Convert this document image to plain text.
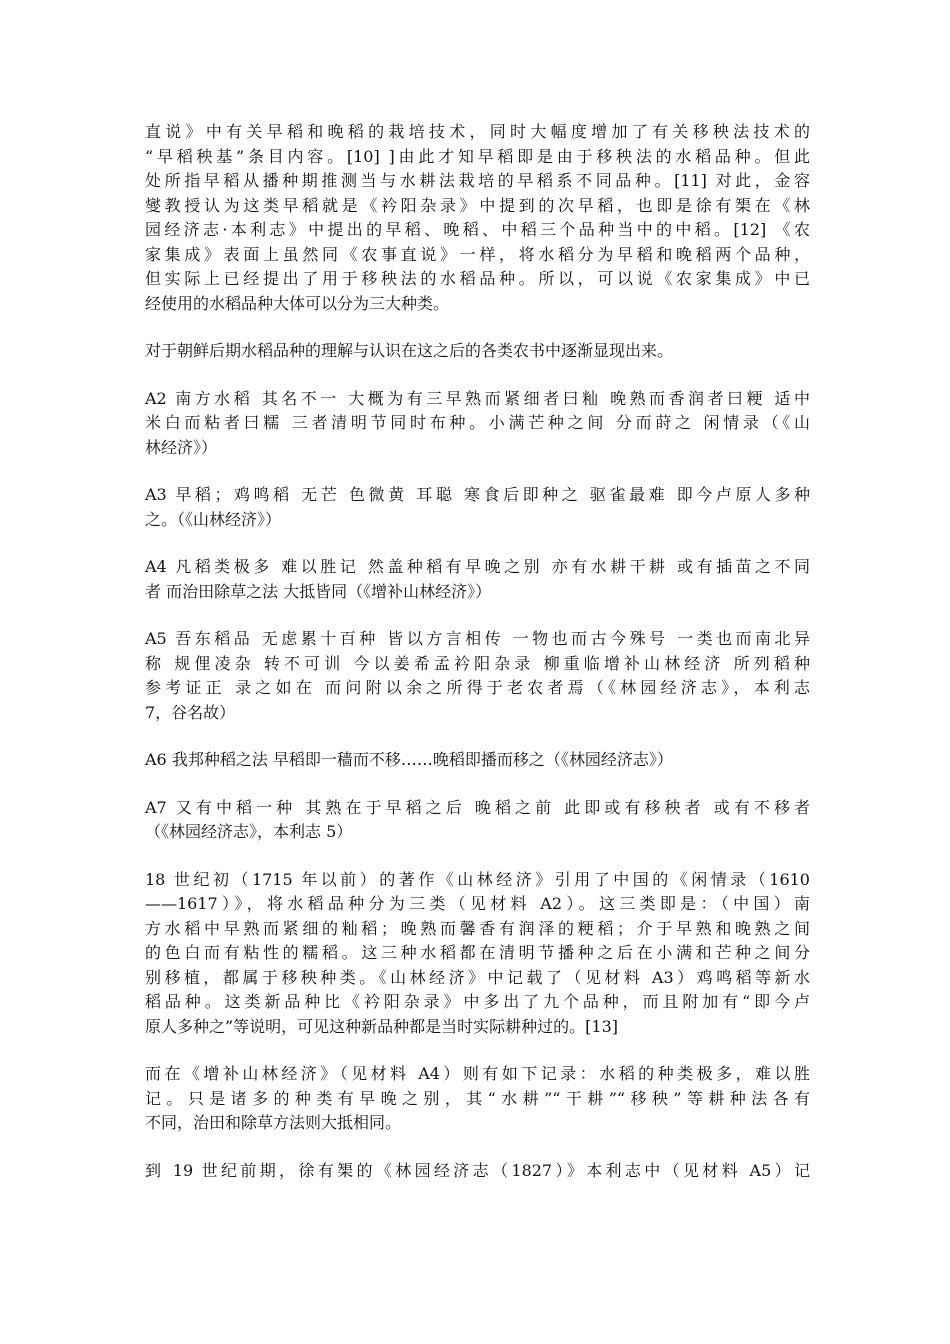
直说》中有关早稻和晚稻的栽培技术，同时大幅度增加了有关移秧法技术的
“早稻秧基”条目内容。[10] ]由此才知早稻即是由于移秧法的水稻品种。但此
处所指早稻从播种期推测当与水耕法栽培的早稻系不同品种。[11] 对此，金容
燮教授认为这类早稻就是《衿阳杂录》中提到的次早稻，也即是徐有榘在《林
园经济志·本利志》中提出的早稻、晚稻、中稻三个品种当中的中稻。[12] 《农
家集成》表面上虽然同《农事直说》一样，将水稻分为早稻和晚稻两个品种，
但实际上已经提出了用于移秧法的水稻品种。所以，可以说《农家集成》中已
经使用的水稻品种大体可以分为三大种类。

对于朝鲜后期水稻品种的理解与认识在这之后的各类农书中逐渐显现出来。

A2 南方水稻 其名不一 大概为有三早熟而紧细者曰籼 晚熟而香润者曰粳 适中
米白而粘者曰糯 三者清明节同时布种。小满芒种之间 分而莳之 闲情录（《山
林经济》）

A3 早稻；鸡鸣稻 无芒 色微黄 耳聪 寒食后即种之 驱雀最难 即今卢原人多种
之。（《山林经济》）

A4 凡稻类极多 难以胜记 然盖种稻有早晚之别 亦有水耕干耕 或有插苗之不同
者 而治田除草之法 大抵皆同（《增补山林经济》）

A5 吾东稻品 无虑累十百种 皆以方言相传 一物也而古今殊号 一类也而南北异
称 规俚凌杂 转不可训 今以姜希孟衿阳杂录 柳重临增补山林经济 所列稻种
参考证正 录之如在 而问附以余之所得于老农者焉（《林园经济志》，本利志
7，谷名故）

A6 我邦种稻之法 早稻即一穑而不移……晚稻即播而移之（《林园经济志》）

A7 又有中稻一种 其熟在于早稻之后 晚稻之前 此即或有移秧者 或有不移者
（《林园经济志》，本利志 5）

18 世纪初（1715 年以前）的著作《山林经济》引用了中国的《闲情录（1610
——1617）》，将水稻品种分为三类（见材料 A2）。这三类即是：（中国）南
方水稻中早熟而紧细的籼稻；晚熟而馨香有润泽的粳稻；介于早熟和晚熟之间
的色白而有粘性的糯稻。这三种水稻都在清明节播种之后在小满和芒种之间分
别移植，都属于移秧种类。《山林经济》中记载了（见材料 A3）鸡鸣稻等新水
稻品种。这类新品种比《衿阳杂录》中多出了九个品种，而且附加有“即今卢
原人多种之”等说明，可见这种新品种都是当时实际耕种过的。[13]

而在《增补山林经济》（见材料 A4）则有如下记录：水稻的种类极多，难以胜
记。只是诸多的种类有早晚之别，其“水耕”“干耕”“移秧”等耕种法各有
不同，治田和除草方法则大抵相同。

到 19 世纪前期，徐有榘的《林园经济志（1827）》本利志中（见材料 A5）记
